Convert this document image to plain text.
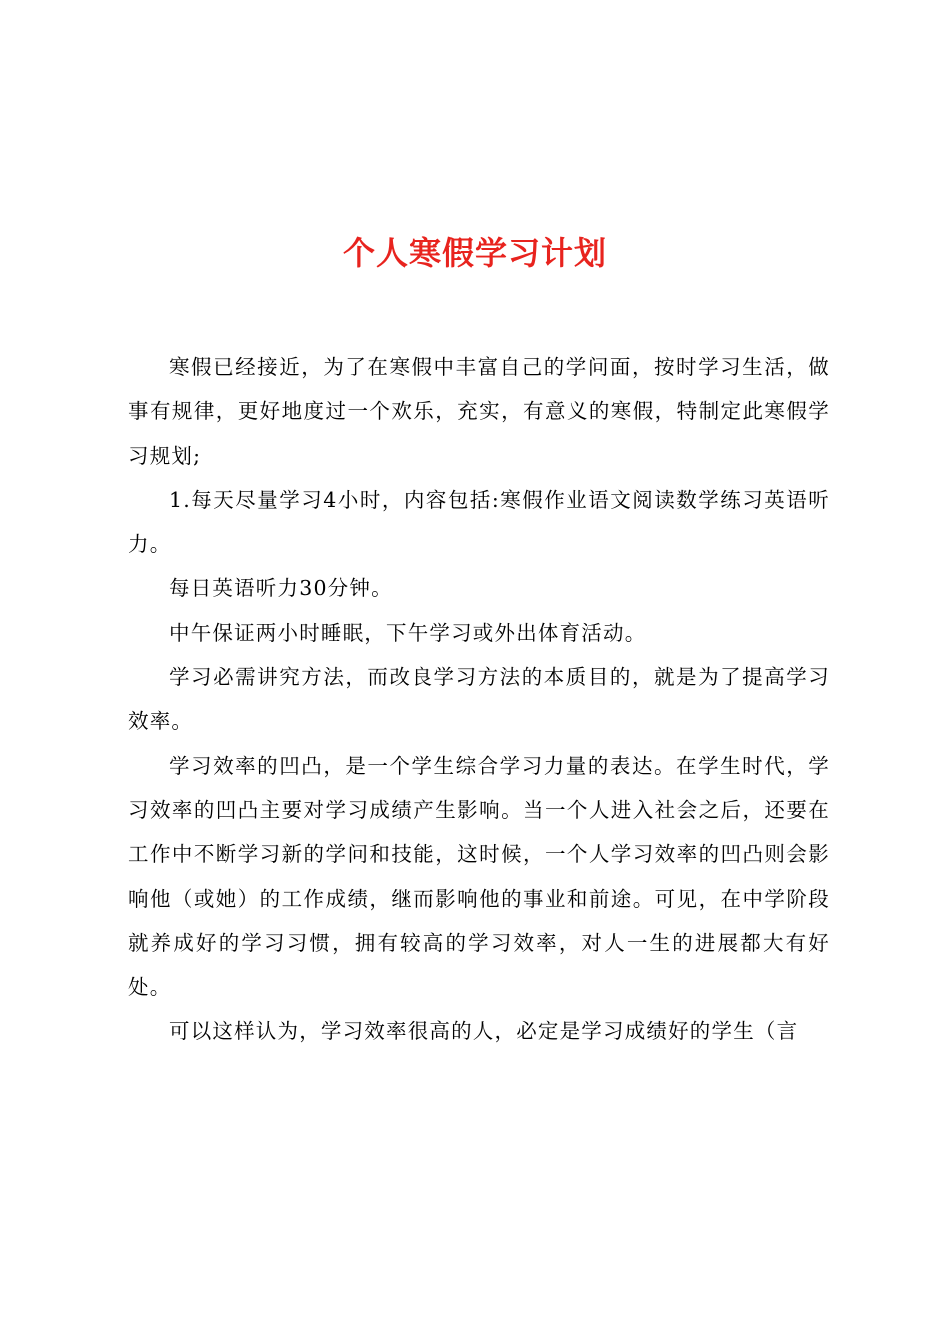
个人寒假学习计划

寒假已经接近，为了在寒假中丰富自己的学问面，按时学习生活，做事有规律，更好地度过一个欢乐，充实，有意义的寒假，特制定此寒假学习规划;

1.每天尽量学习4小时，内容包括:寒假作业语文阅读数学练习英语听力。

每日英语听力30分钟。

中午保证两小时睡眠，下午学习或外出体育活动。

学习必需讲究方法，而改良学习方法的本质目的，就是为了提高学习效率。

学习效率的凹凸，是一个学生综合学习力量的表达。在学生时代，学习效率的凹凸主要对学习成绩产生影响。当一个人进入社会之后，还要在工作中不断学习新的学问和技能，这时候，一个人学习效率的凹凸则会影响他（或她）的工作成绩，继而影响他的事业和前途。可见，在中学阶段就养成好的学习习惯，拥有较高的学习效率，对人一生的进展都大有好处。

可以这样认为，学习效率很高的人，必定是学习成绩好的学生（言
